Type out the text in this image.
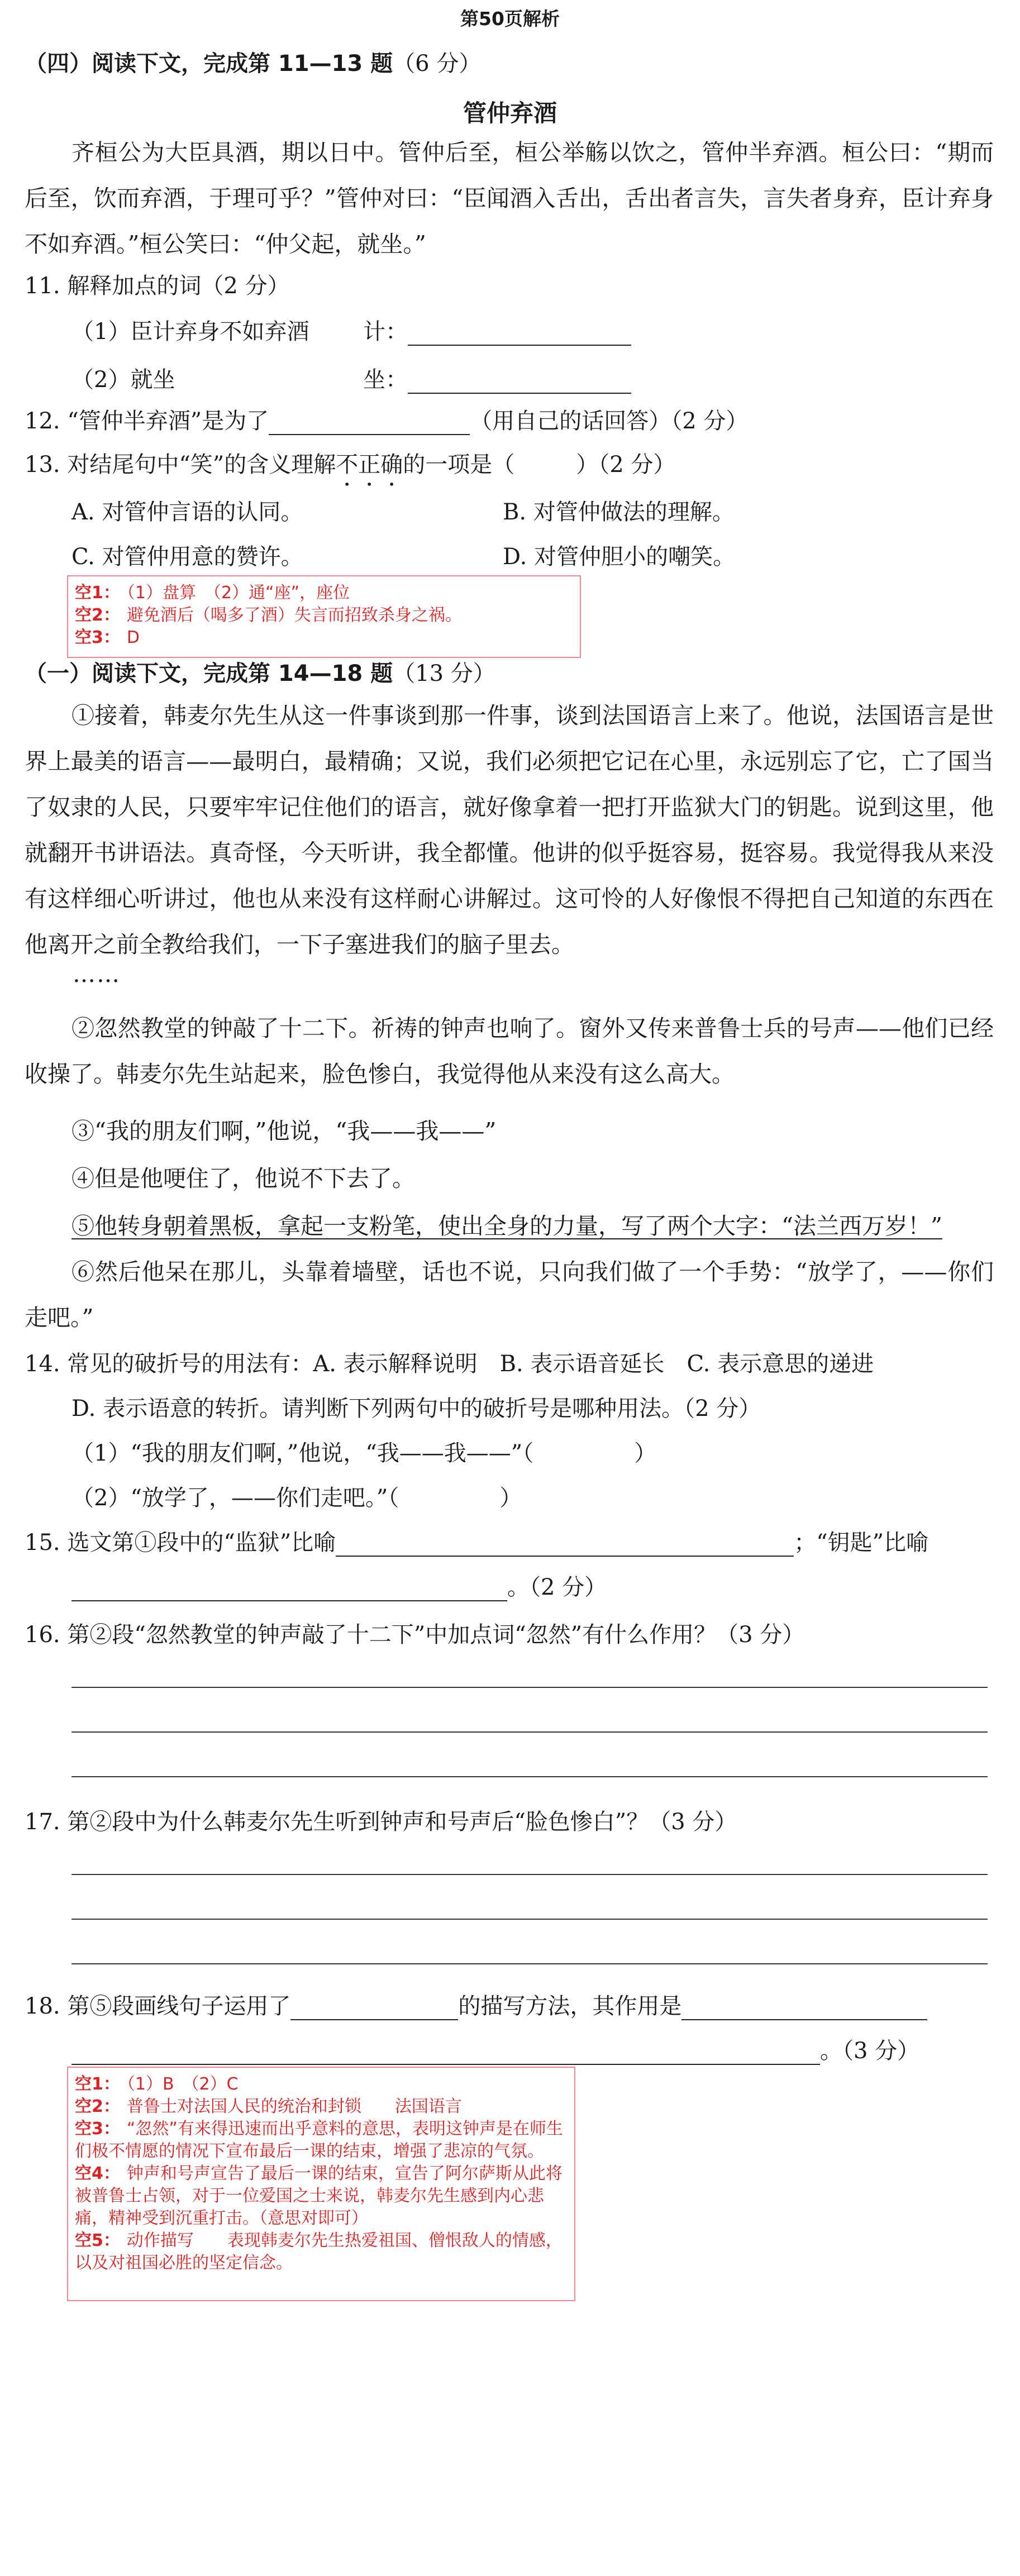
第50页解析
（四）阅读下文，完成第 11—13 题（6 分）
管仲弃酒
齐桓公为大臣具酒，期以日中。管仲后至，桓公举觞以饮之，管仲半弃酒。桓公曰：“期而后至，饮而弃酒，于理可乎？”管仲对曰：“臣闻酒入舌出，舌出者言失，言失者身弃，臣计弃身不如弃酒。”桓公笑曰：“仲父起，就坐。”
11. 解释加点的词（2 分）
（1）臣计弃身不如弃酒 计：
（2）就坐	坐：
12. “管仲半弃酒”是为了	（用自己的话回答）（2 分）
13. 对结尾句中“笑”的含义理解不正确的一项是（	）（2 分）
A. 对管仲言语的认同。	B. 对管仲做法的理解。
C. 对管仲用意的赞许。	D. 对管仲胆小的嘲笑。
空1： （1）盘算　（2）通“座”，座位
空2： 避免酒后（喝多了酒）失言而招致杀身之祸。
空3： D
（一）阅读下文，完成第 14—18 题（13 分）
①接着，韩麦尔先生从这一件事谈到那一件事，谈到法国语言上来了。他说，法国语言是世界上最美的语言——最明白，最精确；又说，我们必须把它记在心里，永远别忘了它，亡了国当了奴隶的人民，只要牢牢记住他们的语言，就好像拿着一把打开监狱大门的钥匙。说到这里，他就翻开书讲语法。真奇怪，今天听讲，我全都懂。他讲的似乎挺容易，挺容易。我觉得我从来没有这样细心听讲过，他也从来没有这样耐心讲解过。这可怜的人好像恨不得把自己知道的东西在他离开之前全教给我们，一下子塞进我们的脑子里去。
……
②忽然教堂的钟敲了十二下。祈祷的钟声也响了。窗外又传来普鲁士兵的号声——他们已经收操了。韩麦尔先生站起来，脸色惨白，我觉得他从来没有这么高大。
③“我的朋友们啊，”他说，“我——我——”
④但是他哽住了，他说不下去了。
⑤他转身朝着黑板，拿起一支粉笔，使出全身的力量，写了两个大字：“法兰西万岁！”
⑥然后他呆在那儿，头靠着墙壁，话也不说，只向我们做了一个手势：“放学了，——你们走吧。”
14. 常见的破折号的用法有：A. 表示解释说明　B. 表示语音延长　C. 表示意思的递进
D. 表示语意的转折。请判断下列两句中的破折号是哪种用法。（2 分）
（1）“我的朋友们啊，”他说，“我——我——”（	）
（2）“放学了，——你们走吧。”（	）
15. 选文第①段中的“监狱”比喻	；“钥匙”比喻
。（2 分）
16. 第②段“忽然教堂的钟声敲了十二下”中加点词“忽然”有什么作用？（3 分）
17. 第②段中为什么韩麦尔先生听到钟声和号声后“脸色惨白”？（3 分）
18. 第⑤段画线句子运用了	的描写方法，其作用是
。（3 分）
空1： （1）B　（2）C
空2： 普鲁士对法国人民的统治和封锁　　法国语言
空3： “忽然”有来得迅速而出乎意料的意思，表明这钟声是在师生们极不情愿的情况下宣布最后一课的结束，增强了悲凉的气氛。
空4： 钟声和号声宣告了最后一课的结束，宣告了阿尔萨斯从此将被普鲁士占领，对于一位爱国之士来说，韩麦尔先生感到内心悲痛，精神受到沉重打击。（意思对即可）
空5： 动作描写　　表现韩麦尔先生热爱祖国、僧恨敌人的情感，以及对祖国必胜的坚定信念。
